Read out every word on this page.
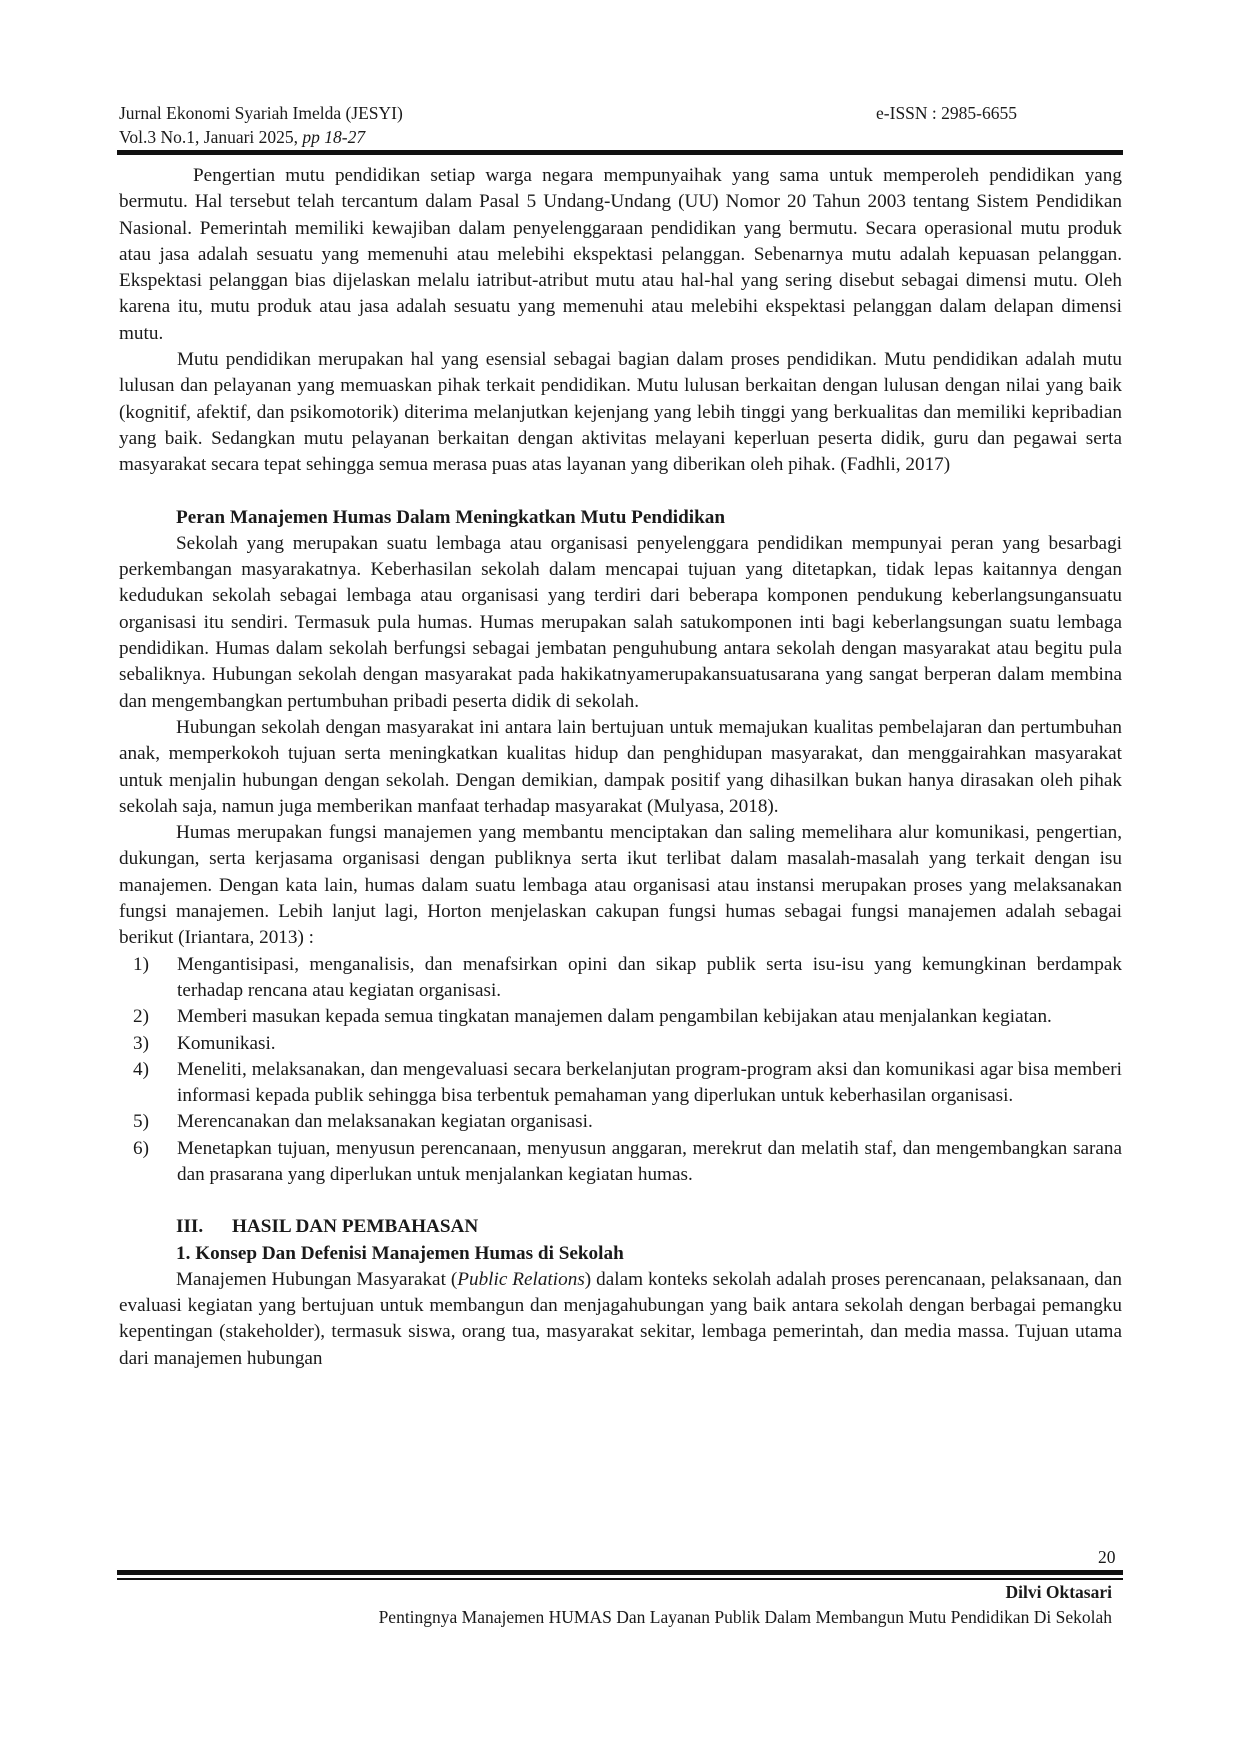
Jurnal Ekonomi Syariah Imelda (JESYI)	e-ISSN : 2985-6655
Vol.3 No.1, Januari 2025, pp 18-27

Pengertian mutu pendidikan setiap warga negara mempunyaihak yang sama untuk memperoleh pendidikan yang bermutu. Hal tersebut telah tercantum dalam Pasal 5 Undang-Undang (UU) Nomor 20 Tahun 2003 tentang Sistem Pendidikan Nasional. Pemerintah memiliki kewajiban dalam penyelenggaraan pendidikan yang bermutu. Secara operasional mutu produk atau jasa adalah sesuatu yang memenuhi atau melebihi ekspektasi pelanggan. Sebenarnya mutu adalah kepuasan pelanggan. Ekspektasi pelanggan bias dijelaskan melalu iatribut-atribut mutu atau hal-hal yang sering disebut sebagai dimensi mutu. Oleh karena itu, mutu produk atau jasa adalah sesuatu yang memenuhi atau melebihi ekspektasi pelanggan dalam delapan dimensi mutu.

Mutu pendidikan merupakan hal yang esensial sebagai bagian dalam proses pendidikan. Mutu pendidikan adalah mutu lulusan dan pelayanan yang memuaskan pihak terkait pendidikan. Mutu lulusan berkaitan dengan lulusan dengan nilai yang baik (kognitif, afektif, dan psikomotorik) diterima melanjutkan kejenjang yang lebih tinggi yang berkualitas dan memiliki kepribadian yang baik. Sedangkan mutu pelayanan berkaitan dengan aktivitas melayani keperluan peserta didik, guru dan pegawai serta masyarakat secara tepat sehingga semua merasa puas atas layanan yang diberikan oleh pihak. (Fadhli, 2017)

Peran Manajemen Humas Dalam Meningkatkan Mutu Pendidikan

Sekolah yang merupakan suatu lembaga atau organisasi penyelenggara pendidikan mempunyai peran yang besarbagi perkembangan masyarakatnya. Keberhasilan sekolah dalam mencapai tujuan yang ditetapkan, tidak lepas kaitannya dengan kedudukan sekolah sebagai lembaga atau organisasi yang terdiri dari beberapa komponen pendukung keberlangsungansuatu organisasi itu sendiri. Termasuk pula humas. Humas merupakan salah satukomponen inti bagi keberlangsungan suatu lembaga pendidikan. Humas dalam sekolah berfungsi sebagai jembatan penguhubung antara sekolah dengan masyarakat atau begitu pula sebaliknya. Hubungan sekolah dengan masyarakat pada hakikatnyamerupakansuatusarana yang sangat berperan dalam membina dan mengembangkan pertumbuhan pribadi peserta didik di sekolah.

Hubungan sekolah dengan masyarakat ini antara lain bertujuan untuk memajukan kualitas pembelajaran dan pertumbuhan anak, memperkokoh tujuan serta meningkatkan kualitas hidup dan penghidupan masyarakat, dan menggairahkan masyarakat untuk menjalin hubungan dengan sekolah. Dengan demikian, dampak positif yang dihasilkan bukan hanya dirasakan oleh pihak sekolah saja, namun juga memberikan manfaat terhadap masyarakat (Mulyasa, 2018).

Humas merupakan fungsi manajemen yang membantu menciptakan dan saling memelihara alur komunikasi, pengertian, dukungan, serta kerjasama organisasi dengan publiknya serta ikut terlibat dalam masalah-masalah yang terkait dengan isu manajemen. Dengan kata lain, humas dalam suatu lembaga atau organisasi atau instansi merupakan proses yang melaksanakan fungsi manajemen. Lebih lanjut lagi, Horton menjelaskan cakupan fungsi humas sebagai fungsi manajemen adalah sebagai berikut (Iriantara, 2013) :

1) Mengantisipasi, menganalisis, dan menafsirkan opini dan sikap publik serta isu-isu yang kemungkinan berdampak terhadap rencana atau kegiatan organisasi.
2) Memberi masukan kepada semua tingkatan manajemen dalam pengambilan kebijakan atau menjalankan kegiatan.
3) Komunikasi.
4) Meneliti, melaksanakan, dan mengevaluasi secara berkelanjutan program-program aksi dan komunikasi agar bisa memberi informasi kepada publik sehingga bisa terbentuk pemahaman yang diperlukan untuk keberhasilan organisasi.
5) Merencanakan dan melaksanakan kegiatan organisasi.
6) Menetapkan tujuan, menyusun perencanaan, menyusun anggaran, merekrut dan melatih staf, dan mengembangkan sarana dan prasarana yang diperlukan untuk menjalankan kegiatan humas.

III.	HASIL DAN PEMBAHASAN

1. Konsep Dan Defenisi Manajemen Humas di Sekolah

Manajemen Hubungan Masyarakat (Public Relations) dalam konteks sekolah adalah proses perencanaan, pelaksanaan, dan evaluasi kegiatan yang bertujuan untuk membangun dan menjagahubungan yang baik antara sekolah dengan berbagai pemangku kepentingan (stakeholder), termasuk siswa, orang tua, masyarakat sekitar, lembaga pemerintah, dan media massa. Tujuan utama dari manajemen hubungan

20
Dilvi Oktasari
Pentingnya Manajemen HUMAS Dan Layanan Publik Dalam Membangun Mutu Pendidikan Di Sekolah
